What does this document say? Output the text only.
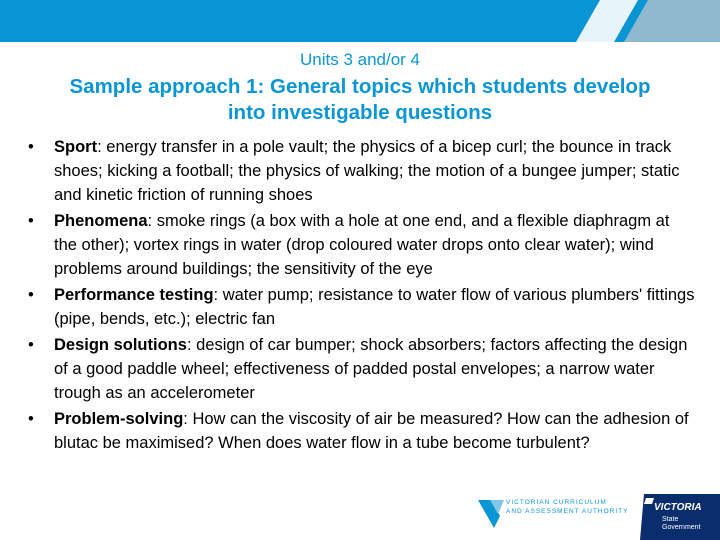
Units 3 and/or 4
Sample approach 1: General topics which students develop into investigable questions
• Sport: energy transfer in a pole vault; the physics of a bicep curl; the bounce in track shoes; kicking a football; the physics of walking; the motion of a bungee jumper; static and kinetic friction of running shoes
• Phenomena: smoke rings (a box with a hole at one end, and a flexible diaphragm at the other); vortex rings in water (drop coloured water drops onto clear water); wind problems around buildings; the sensitivity of the eye
• Performance testing: water pump; resistance to water flow of various plumbers' fittings (pipe, bends, etc.); electric fan
• Design solutions: design of car bumper; shock absorbers; factors affecting the design of a good paddle wheel; effectiveness of padded postal envelopes; a narrow water trough as an accelerometer
• Problem-solving: How can the viscosity of air be measured? How can the adhesion of blutac be maximised? When does water flow in a tube become turbulent?
VICTORIAN CURRICULUM
AND ASSESSMENT AUTHORITY	VICTORIA
State
Government
